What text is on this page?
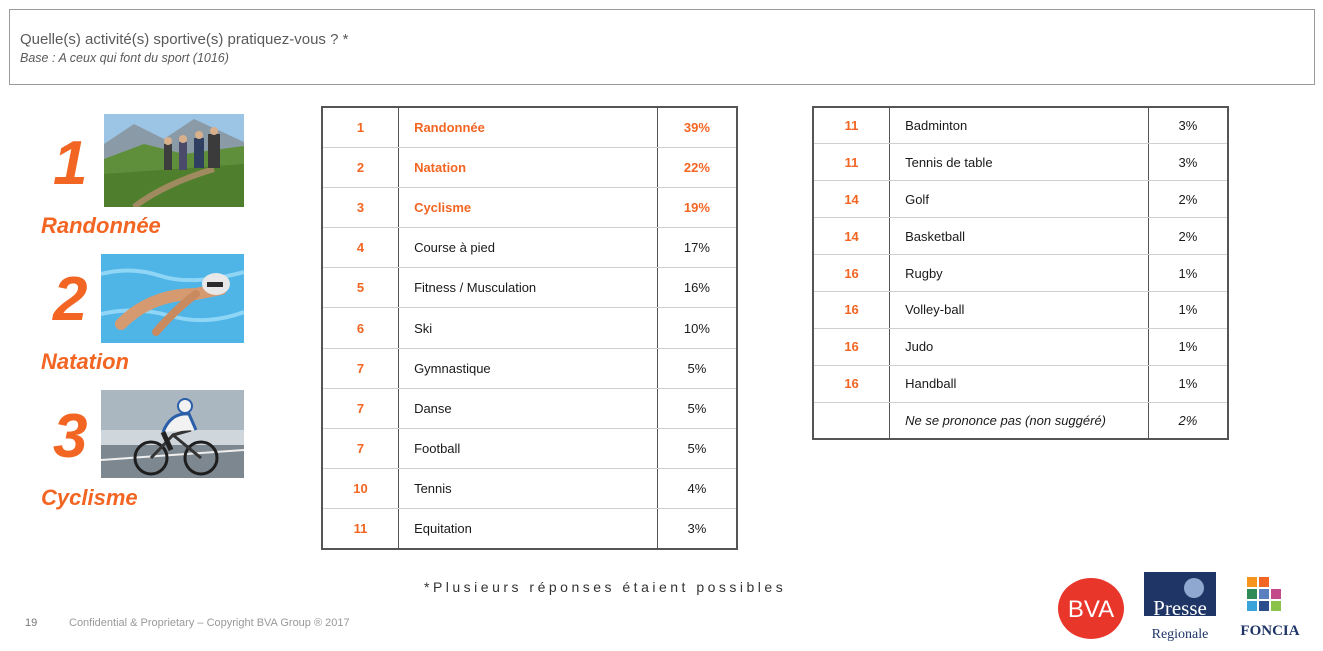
Quelle(s) activité(s) sportive(s) pratiquez-vous ? *
Base : A ceux qui font du sport (1016)
1
Randonnée
2
Natation
3
Cyclisme
1	Randonnée	39%
2	Natation	22%
3	Cyclisme	19%
4	Course à pied	17%
5	Fitness / Musculation	16%
6	Ski	10%
7	Gymnastique	5%
7	Danse	5%
7	Football	5%
10	Tennis	4%
11	Equitation	3%
11	Badminton	3%
11	Tennis de table	3%
14	Golf	2%
14	Basketball	2%
16	Rugby	1%
16	Volley-ball	1%
16	Judo	1%
16	Handball	1%
	Ne se prononce pas (non suggéré)	2%
*Plusieurs réponses étaient possibles
19	Confidential & Proprietary – Copyright BVA Group ® 2017	BVA Presse
Regionale FONCIA
